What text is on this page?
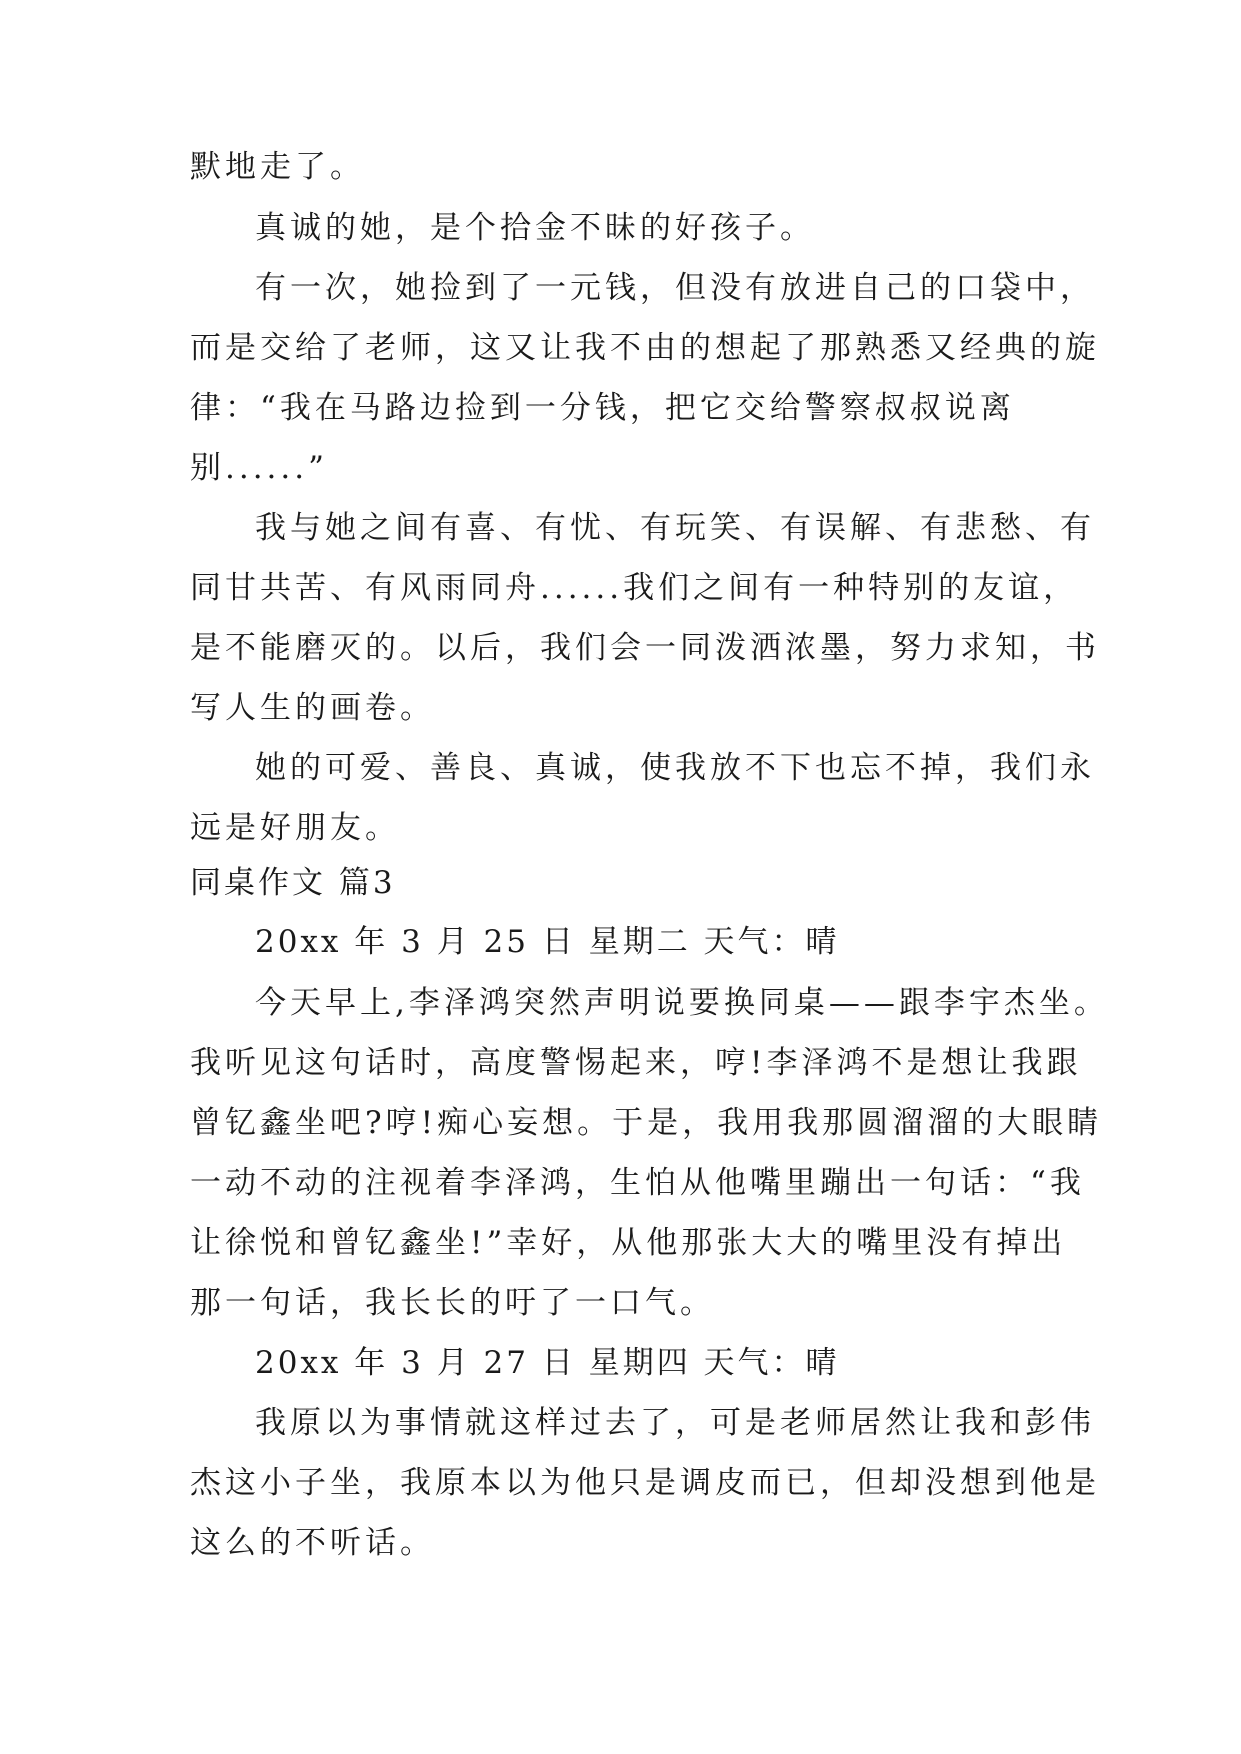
默地走了。
真诚的她，是个拾金不昧的好孩子。
有一次，她捡到了一元钱，但没有放进自己的口袋中，
而是交给了老师，这又让我不由的想起了那熟悉又经典的旋
律：“我在马路边捡到一分钱，把它交给警察叔叔说离
别......”
我与她之间有喜、有忧、有玩笑、有误解、有悲愁、有
同甘共苦、有风雨同舟......我们之间有一种特别的友谊，
是不能磨灭的。以后，我们会一同泼洒浓墨，努力求知，书
写人生的画卷。
她的可爱、善良、真诚，使我放不下也忘不掉，我们永
远是好朋友。
同桌作文 篇3
20xx 年 3 月 25 日 星期二 天气：晴
今天早上,李泽鸿突然声明说要换同桌——跟李宇杰坐。
我听见这句话时，高度警惕起来，哼!李泽鸿不是想让我跟
曾钇鑫坐吧?哼!痴心妄想。于是，我用我那圆溜溜的大眼睛
一动不动的注视着李泽鸿，生怕从他嘴里蹦出一句话：“我
让徐悦和曾钇鑫坐!”幸好，从他那张大大的嘴里没有掉出
那一句话，我长长的吁了一口气。
20xx 年 3 月 27 日 星期四 天气：晴
我原以为事情就这样过去了，可是老师居然让我和彭伟
杰这小子坐，我原本以为他只是调皮而已，但却没想到他是
这么的不听话。
